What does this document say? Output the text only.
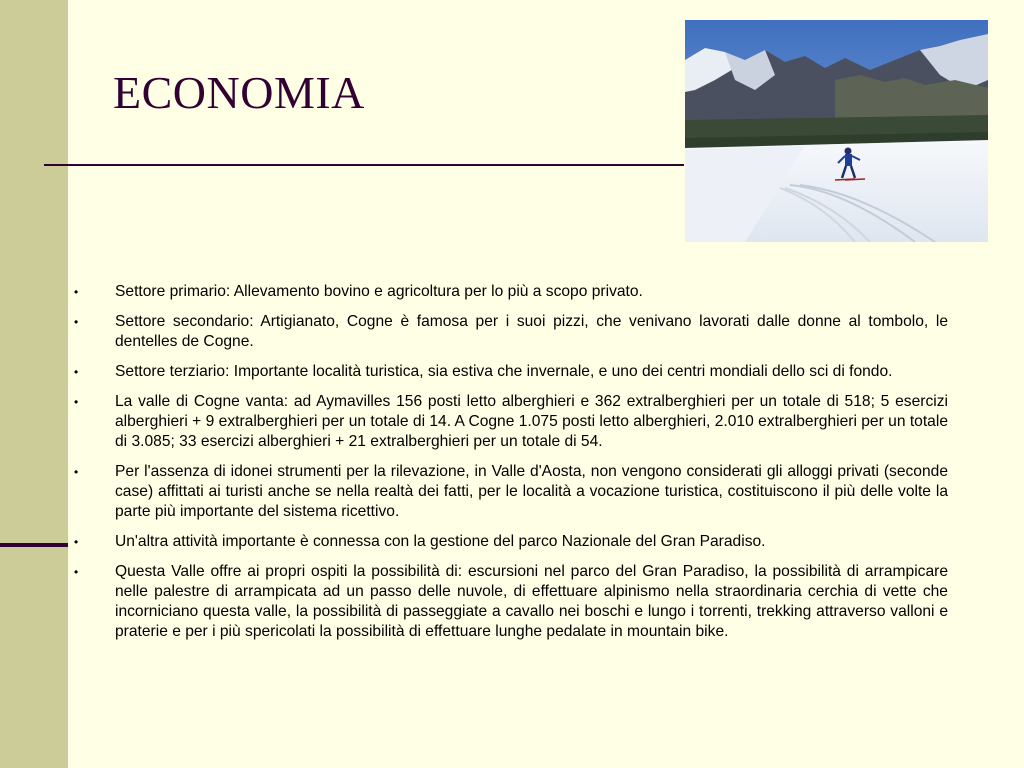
ECONOMIA
• Settore primario: Allevamento bovino e agricoltura per lo più a scopo privato.
• Settore secondario: Artigianato, Cogne è famosa per i suoi pizzi, che venivano lavorati dalle donne al tombolo, le dentelles de Cogne.
• Settore terziario: Importante località turistica, sia estiva che invernale, e uno dei centri mondiali dello sci di fondo.
• La valle di Cogne vanta: ad Aymavilles 156 posti letto alberghieri e 362 extralberghieri per un totale di 518; 5 esercizi alberghieri + 9 extralberghieri per un totale di 14. A Cogne 1.075 posti letto alberghieri, 2.010 extralberghieri per un totale di 3.085; 33 esercizi alberghieri + 21 extralberghieri per un totale di 54.
• Per l'assenza di idonei strumenti per la rilevazione, in Valle d'Aosta, non vengono considerati gli alloggi privati (seconde case) affittati ai turisti anche se nella realtà dei fatti, per le località a vocazione turistica, costituiscono il più delle volte la parte più importante del sistema ricettivo.
• Un'altra attività importante è connessa con la gestione del parco Nazionale del Gran Paradiso.
• Questa Valle offre ai propri ospiti la possibilità di: escursioni nel parco del Gran Paradiso, la possibilità di arrampicare nelle palestre di arrampicata ad un passo delle nuvole, di effettuare alpinismo nella straordinaria cerchia di vette che incorniciano questa valle, la possibilità di passeggiate a cavallo nei boschi e lungo i torrenti, trekking attraverso valloni e praterie e per i più spericolati la possibilità di effettuare lunghe pedalate in mountain bike.
